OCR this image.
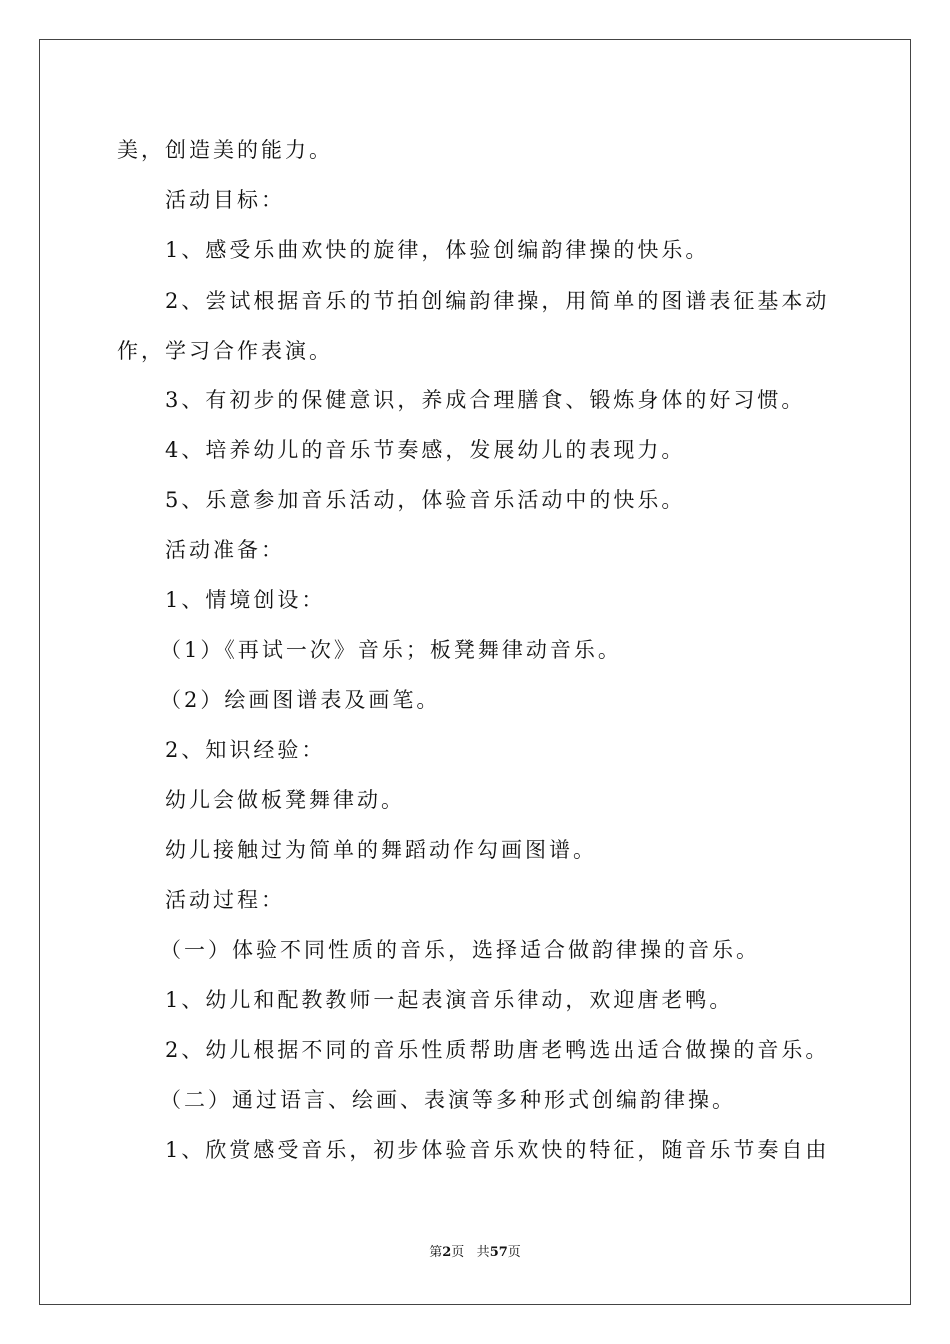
美，创造美的能力。
活动目标：
1、感受乐曲欢快的旋律，体验创编韵律操的快乐。
2、尝试根据音乐的节拍创编韵律操，用简单的图谱表征基本动
作，学习合作表演。
3、有初步的保健意识，养成合理膳食、锻炼身体的好习惯。
4、培养幼儿的音乐节奏感，发展幼儿的表现力。
5、乐意参加音乐活动，体验音乐活动中的快乐。
活动准备：
1、情境创设：
（1）《再试一次》音乐；板凳舞律动音乐。
（2）绘画图谱表及画笔。
2、知识经验：
幼儿会做板凳舞律动。
幼儿接触过为简单的舞蹈动作勾画图谱。
活动过程：
（一）体验不同性质的音乐，选择适合做韵律操的音乐。
1、幼儿和配教教师一起表演音乐律动，欢迎唐老鸭。
2、幼儿根据不同的音乐性质帮助唐老鸭选出适合做操的音乐。
（二）通过语言、绘画、表演等多种形式创编韵律操。
1、欣赏感受音乐，初步体验音乐欢快的特征，随音乐节奏自由
第2页 共57页
